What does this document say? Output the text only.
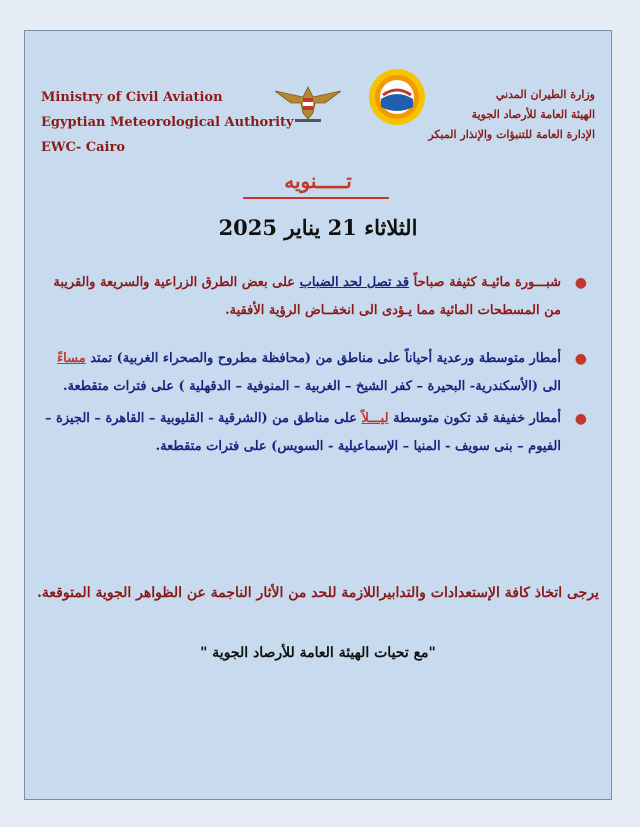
Ministry of Civil Aviation
Egyptian Meteorological Authority
EWC- Cairo
وزارة الطيران المدني
الهيئة العامة للأرصاد الجوية
الإدارة العامة للتنبؤات والإنذار المبكر
تـــــنويه
الثلاثاء 21 يناير 2025
●
شبـــورة مائيـة كثيفة صباحاً قد تصل لحد الضباب على بعض الطرق الزراعية والسريعة والقريبة من المسطحات المائية مما يـؤدى الى انخفــاض الرؤية الأفقية.
●
أمطار متوسطة ورعدية أحياناً على مناطق من (محافظة مطروح والصحراء الغربية) تمتد مساءً الى (الأسكندرية- البحيرة – كفر الشيخ – الغربية – المنوفية – الدقهلية ) على فترات متقطعة.
●
أمطار خفيفة قد تكون متوسطة ليـــلاً على مناطق من (الشرقية - القليوبية – القاهرة – الجيزة – الفيوم – بنى سويف - المنيا – الإسماعيلية - السويس) على فترات متقطعة.
يرجى اتخاذ كافة الإستعدادات والتدابيراللازمة للحد من الأثار الناجمة عن الظواهر الجوية المتوقعة.
"مع تحيات الهيئة العامة للأرصاد الجوية "
